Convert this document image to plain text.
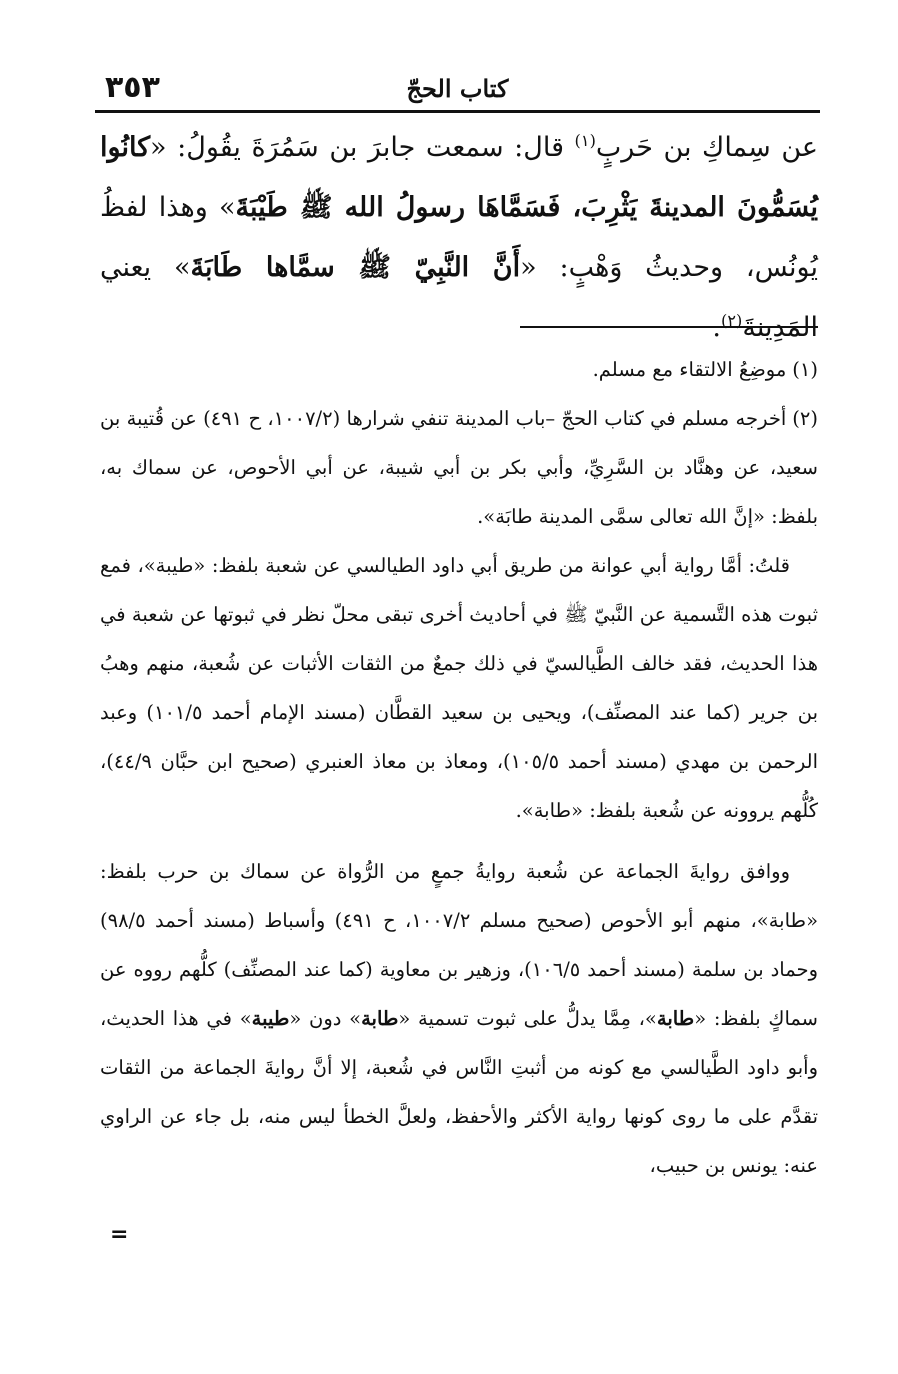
٣٥٣	كتاب الحجّ
عن سِماكِ بن حَربٍ$^{(١)}$ قال: سمعت جابرَ بن سَمُرَةَ يقُولُ: «كانُوا يُسَمُّونَ المدينةَ يَثْرِبَ، فَسَمَّاهَا رسولُ الله ﷺ طَيْبَةَ» وهذا لفظُ يُونُس، وحديثُ وَهْبٍ: «أَنَّ النَّبِيّ ﷺ سمَّاها طَابَةَ» يعني المَدِينةَ$^{(٢)}$.

(١)موضِعُ الالتقاء مع مسلم.

(٢)أخرجه مسلم في كتاب الحجّ –باب المدينة تنفي شرارها (١٠٠٧/٢، ح ٤٩١) عن قُتيبة بن سعيد، عن وهنَّاد بن السَّرِيِّ، وأبي بكر بن أبي شيبة، عن أبي الأحوص، عن سماك به، بلفظ: «إنَّ الله تعالى سمَّى المدينة طابَة».

قلتُ: أمَّا رواية أبي عوانة من طريق أبي داود الطيالسي عن شعبة بلفظ: «طيبة»، فمع ثبوت هذه التَّسمية عن النَّبيّ ﷺ في أحاديث أخرى تبقى محلّ نظر في ثبوتها عن شعبة في هذا الحديث، فقد خالف الطَّيالسيّ في ذلك جمعٌ من الثقات الأثبات عن شُعبة، منهم وهبُ بن جرير (كما عند المصنِّف)، ويحيى بن سعيد القطَّان (مسند الإمام أحمد ١٠١/٥) وعبد الرحمن بن مهدي (مسند أحمد ١٠٥/٥)، ومعاذ بن معاذ العنبري (صحيح ابن حبَّان ٤٤/٩)، كُلُّهم يروونه عن شُعبة بلفظ: «طابة».

ووافق روايةَ الجماعة عن شُعبة روايةُ جمعٍ من الرُّواة عن سماك بن حرب بلفظ: «طابة»، منهم أبو الأحوص (صحيح مسلم ١٠٠٧/٢، ح ٤٩١) وأسباط (مسند أحمد ٩٨/٥) وحماد بن سلمة (مسند أحمد ١٠٦/٥)، وزهير بن معاوية (كما عند المصنِّف) كلُّهم رووه عن سماكٍ بلفظ: «طابة»، مِمَّا يدلُّ على ثبوت تسمية «طابة» دون «طيبة» في هذا الحديث، وأبو داود الطَّيالسي مع كونه من أثبتِ النَّاس في شُعبة، إلا أنَّ روايةَ الجماعة من الثقات تقدَّم على ما روى كونها رواية الأكثر والأحفظ، ولعلَّ الخطأ ليس منه، بل جاء عن الراوي عنه: يونس بن حبيب،

=
